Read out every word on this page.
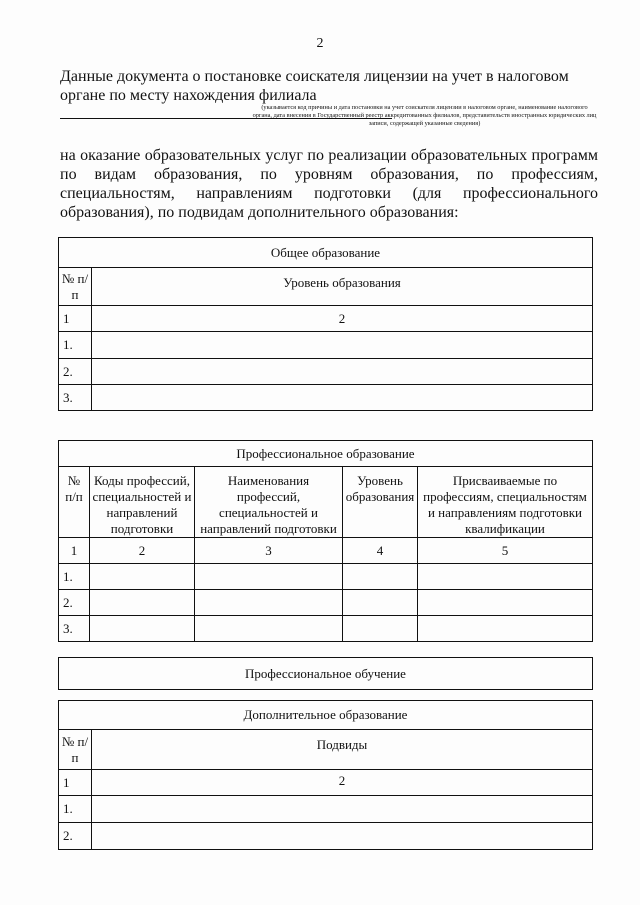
2
Данные документа о постановке соискателя лицензии на учет в налоговом органе по месту нахождения филиала
(указывается код причины и дата постановки на учет соискателя лицензии в налоговом органе, наименование налогового органа, дата внесения в Государственный реестр аккредитованных филиалов, представительств иностранных юридических лиц записи, содержащей указанные сведения)
на оказание образовательных услуг по реализации образовательных программ по видам образования, по уровням образования, по профессиям, специальностям, направлениям подготовки (для профессионального образования), по подвидам дополнительного образования:
Общее образование	
№ п/п	Уровень образования
1	2
1.	
2.	
3.	
Профессиональное образование				
№ п/п	Коды профессий, специальностей и направлений подготовки	Наименования профессий, специальностей и направлений подготовки	Уровень образования	Присваиваемые по профессиям, специальностям и направлениям подготовки квалификации
1	2	3	4	5
1.				
2.				
3.				
Профессиональное обучение
Дополнительное образование	
№ п/п	Подвиды
1	2
1.	
2.	
